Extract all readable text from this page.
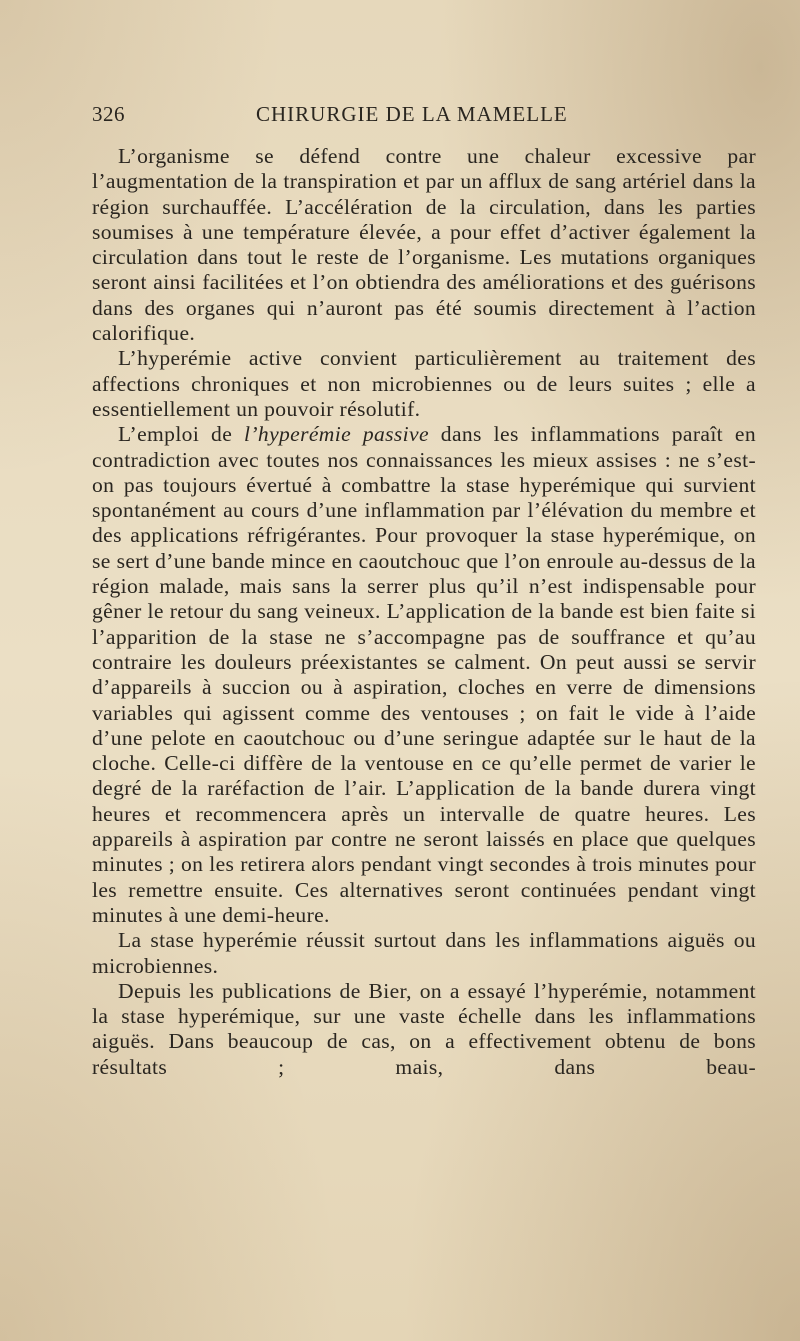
326	CHIRURGIE DE LA MAMELLE

L’organisme se défend contre une chaleur excessive par l’augmentation de la transpiration et par un afflux de sang artériel dans la région surchauffée. L’accélération de la circulation, dans les parties soumises à une température élevée, a pour effet d’activer également la circulation dans tout le reste de l’organisme. Les mutations organiques seront ainsi facilitées et l’on obtiendra des améliorations et des guérisons dans des organes qui n’auront pas été soumis directement à l’action calorifique.

L’hyperémie active convient particulièrement au traitement des affections chroniques et non microbiennes ou de leurs suites ; elle a essentiellement un pouvoir résolutif.

L’emploi de l’hyperémie passive dans les inflammations paraît en contradiction avec toutes nos connaissances les mieux assises : ne s’est-on pas toujours évertué à combattre la stase hyperémique qui survient spontanément au cours d’une inflammation par l’élévation du membre et des applications réfrigérantes. Pour provoquer la stase hyperémique, on se sert d’une bande mince en caoutchouc que l’on enroule au-dessus de la région malade, mais sans la serrer plus qu’il n’est indispensable pour gêner le retour du sang veineux. L’application de la bande est bien faite si l’apparition de la stase ne s’accompagne pas de souffrance et qu’au contraire les douleurs préexistantes se calment. On peut aussi se servir d’appareils à succion ou à aspiration, cloches en verre de dimensions variables qui agissent comme des ventouses ; on fait le vide à l’aide d’une pelote en caoutchouc ou d’une seringue adaptée sur le haut de la cloche. Celle-ci diffère de la ventouse en ce qu’elle permet de varier le degré de la raréfaction de l’air. L’application de la bande durera vingt heures et recommencera après un intervalle de quatre heures. Les appareils à aspiration par contre ne seront laissés en place que quelques minutes ; on les retirera alors pendant vingt secondes à trois minutes pour les remettre ensuite. Ces alternatives seront continuées pendant vingt minutes à une demi-heure.

La stase hyperémie réussit surtout dans les inflammations aiguës ou microbiennes.

Depuis les publications de Bier, on a essayé l’hyperémie, notamment la stase hyperémique, sur une vaste échelle dans les inflammations aiguës. Dans beaucoup de cas, on a effectivement obtenu de bons résultats ; mais, dans beau-
